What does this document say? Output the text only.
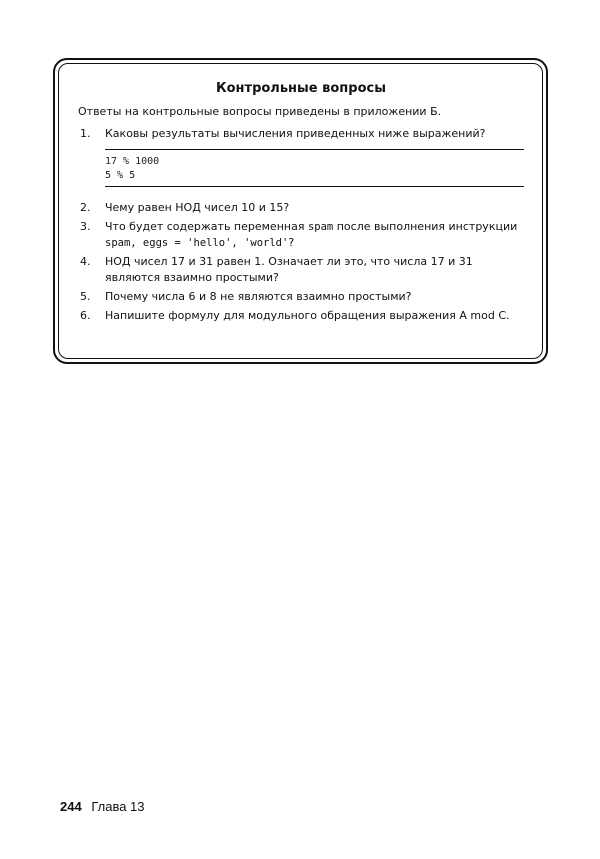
Контрольные вопросы
Ответы на контрольные вопросы приведены в приложении Б.
1. Каковы результаты вычисления приведенных ниже выражений?
17 % 1000
5 % 5
2. Чему равен НОД чисел 10 и 15?
3. Что будет содержать переменная spam после выполнения инструкции spam, eggs = 'hello', 'world'?
4. НОД чисел 17 и 31 равен 1. Означает ли это, что числа 17 и 31 являются взаимно простыми?
5. Почему числа 6 и 8 не являются взаимно простыми?
6. Напишите формулу для модульного обращения выражения A mod C.
244 Глава 13
